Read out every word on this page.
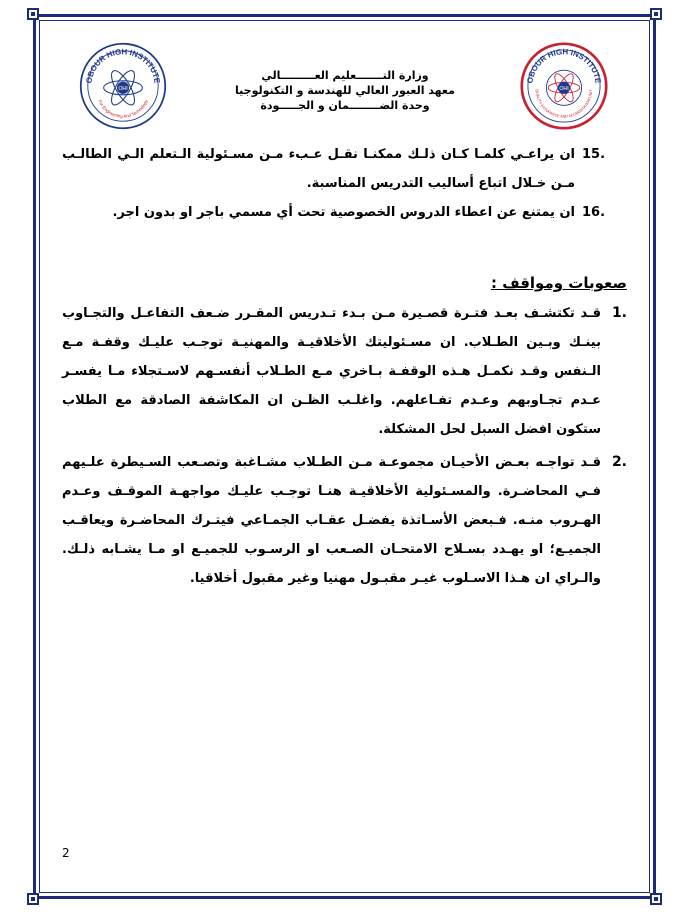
OBOUR HIGH INSTITUTE
For Engineering And Technology
OHI
OBOUR HIGH INSTITUTE
QUALITY ASSURANCE AND ACCREDITATION UNIT
OHI
وزارة التـــــــعليم العـــــــــالي
معهد العبور العالي للهندسة و التكنولوجيا
وحدة الضــــــــمان و الجـــــودة
15.
ان يراعـي كلمـا كـان ذلـك ممكنـا نقـل عـبء مـن مسـئولية الـتعلم الـي الطالـب مـن خـلال اتباع أساليب التدريس المناسبة.
16.
ان يمتنع عن اعطاء الدروس الخصوصية تحت أي مسمي باجر او بدون اجر.
صعوبات ومواقف :
1.
قـد تكتشـف بعـد فتـرة قصـيرة مـن بـدء تـدريس المقـرر ضـعف التفاعـل والتجـاوب بينـك وبـين الطـلاب. ان مسـئوليتك الأخلاقيـة والمهنيـة توجـب عليـك وقفـة مـع الـنفس وقـد نكمـل هـذه الوقفـة بـاخري مـع الطـلاب أنفسـهم لاسـتجلاء مـا يفسـر عـدم تجـاوبهم وعـدم تفـاعلهم. واغلـب الظـن ان المكاشفة الصادقة مع الطلاب ستكون افضل السبل لحل المشكلة.
2.
قـد تواجـه بعـض الأحيـان مجموعـة مـن الطـلاب مشـاغبة وتصـعب السـيطرة علـيهم فـي المحاضـرة. والمسـئولية الأخلاقيـة هنـا توجـب عليـك مواجهـة الموقـف وعـدم الهـروب منـه. فـبعض الأسـاتذة يفضـل عقـاب الجمـاعي فيتـرك المحاضـرة ويعاقـب الجميـع؛ او يهـدد بسـلاح الامتحـان الصـعب او الرسـوب للجميـع او مـا يشـابه ذلـك. والـراي ان هـذا الاسـلوب غيـر مقبـول مهنيا وغير مقبول أخلاقيا.
2
